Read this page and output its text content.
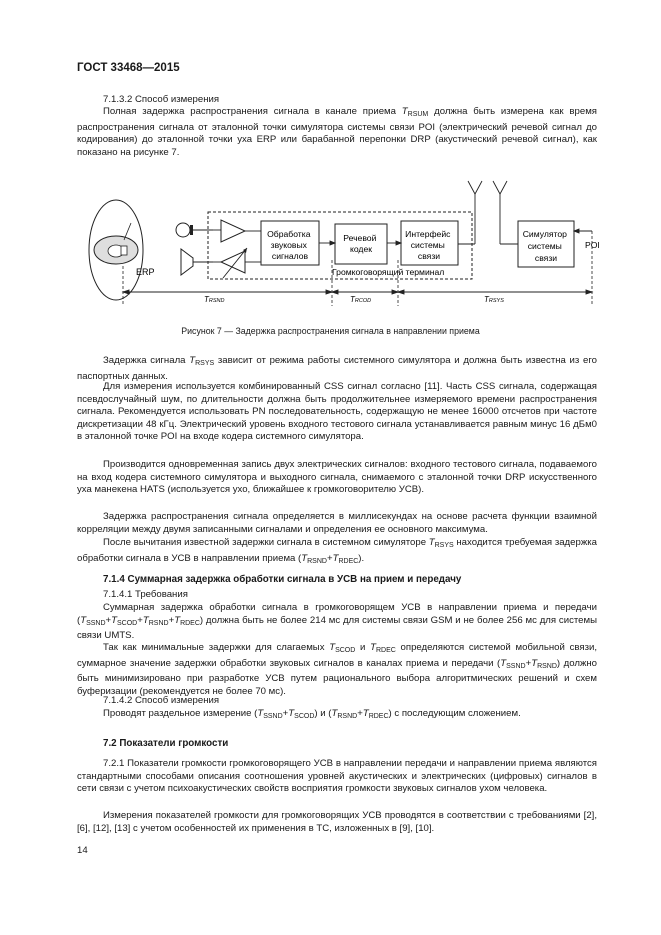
ГОСТ 33468—2015

7.1.3.2 Способ измерения

Полная задержка распространения сигнала в канале приема $T_{RSUM}$ должна быть измерена как время распространения сигнала от эталонной точки симулятора системы связи POI (электрический речевой сигнал до кодирования) до эталонной точки уха ERP или барабанной перепонки DRP (акустический речевой сигнал), как показано на рисунке 7.

ERP
Обработка звуковых сигналов
Речевой кодек
Интерфейс системы связи
Громкоговорящий терминал
Симулятор системы связи
POI
TRSND	TRCOD	TRSYS
Рисунок 7 — Задержка распространения сигнала в направлении приема

Задержка сигнала $T_{RSYS}$ зависит от режима работы системного симулятора и должна быть известна из его паспортных данных.

Для измерения используется комбинированный CSS сигнал согласно [11]. Часть CSS сигнала, содержащая псевдослучайный шум, по длительности должна быть продолжительнее измеряемого времени распространения сигнала. Рекомендуется использовать PN последовательность, содержащую не менее 16000 отсчетов при частоте дискретизации 48 кГц. Электрический уровень входного тестового сигнала устанавливается равным минус 16 дБм0 в эталонной точке POI на входе кодера системного симулятора.

Производится одновременная запись двух электрических сигналов: входного тестового сигнала, подаваемого на вход кодера системного симулятора и выходного сигнала, снимаемого с эталонной точки DRP искусственного уха манекена HATS (используется ухо, ближайшее к громкоговорителю УСВ).

Задержка распространения сигнала определяется в миллисекундах на основе расчета функции взаимной корреляции между двумя записанными сигналами и определения ее основного максимума.

После вычитания известной задержки сигнала в системном симуляторе $T_{RSYS}$ находится требуемая задержка обработки сигнала в УСВ в направлении приема $(T_{RSND}+T_{RDEC})$.

7.1.4 Суммарная задержка обработки сигнала в УСВ на прием и передачу

7.1.4.1 Требования

Суммарная задержка обработки сигнала в громкоговорящем УСВ в направлении приема и передачи $(T_{SSND}+T_{SCOD}+T_{RSND}+T_{RDEC})$ должна быть не более 214 мс для системы связи GSM и не более 256 мс для системы связи UMTS.

Так как минимальные задержки для слагаемых $T_{SCOD}$ и $T_{RDEC}$ определяются системой мобильной связи, суммарное значение задержки обработки звуковых сигналов в каналах приема и передачи $(T_{SSND}+T_{RSND})$ должно быть минимизировано при разработке УСВ путем рационального выбора алгоритмических решений и схем буферизации (рекомендуется не более 70 мс).

7.1.4.2 Способ измерения

Проводят раздельное измерение $(T_{SSND}+T_{SCOD})$ и $(T_{RSND}+T_{RDEC})$ с последующим сложением.

7.2 Показатели громкости

7.2.1 Показатели громкости громкоговорящего УСВ в направлении передачи и направлении приема являются стандартными способами описания соотношения уровней акустических и электрических (цифровых) сигналов в сети связи с учетом психоакустических свойств восприятия громкости звуковых сигналов ухом человека.

Измерения показателей громкости для громкоговорящих УСВ проводятся в соответствии с требованиями [2], [6], [12], [13] с учетом особенностей их применения в ТС, изложенных в [9], [10].

14
